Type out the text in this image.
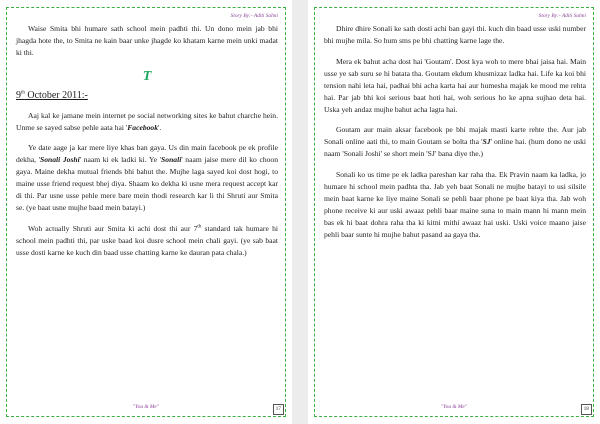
Story By:- Aditi Sahni

Waise Smita bhi humare sath school mein padhti thi. Un dono mein jab bhi jhagda hote the, to Smita ne kain baar unke jhagde ko khatam karne mein unki madat ki thi.

T
9th October 2011:-

Aaj kal ke jamane mein internet pe social networking sites ke bahut charche hein. Unme se sayed sabse pehle aata hai 'Facebook'.

Ye date aage ja kar mere liye khas ban gaya. Us din main facebook pe ek profile dekha, 'Sonali Joshi' naam ki ek ladki ki. Ye 'Sonali' naam jaise mere dil ko choon gaya. Maine dekha mutual friends bhi bahut the. Mujhe laga sayed koi dost hogi, to maine usse friend request bhej diya. Shaam ko dekha ki usne mera request accept kar di thi. Par usne usse pehle mere bare mein thodi research kar li thi Shruti aur Smita se. (ye baat usne mujhe baad mein batayi.)

Woh actually Shruti aur Smita ki achi dost thi aur 7th standard tak humare hi school mein padhti thi, par uske baad koi dusre school mein chali gayi. (ye sab baat usse dosti karne ke kuch din baad usse chatting karne ke dauran pata chala.)

"You & Me"	17
Story By:- Aditi Sahni

Dhire dhire Sonali ke sath dosti achi ban gayi thi. kuch din baad usse uski number bhi mujhe mila. So hum sms pe bhi chatting karne lage the.

Mera ek bahut acha dost hai 'Goutam'. Dost kya woh to mere bhai jaisa hai. Main usse ye sab suru se hi batata tha. Goutam ekdum khusmizaz ladka hai. Life ka koi bhi tension nahi leta hai, padhai bhi acha karta hai aur humesha majak ke mood me rehta hai. Par jab bhi koi serious baat hoti hai, woh serious ho ke apna sujhao deta hai. Uska yeh andaz mujhe bahut acha lagta hai.

Goutam aur main aksar facebook pe bhi majak masti karte rehte the. Aur jab Sonali online aati thi, to main Goutam se bolta tha 'SJ' online hai. (hum dono ne uski naam 'Sonali Joshi' se short mein 'SJ' bana diye the.)

Sonali ko us time pe ek ladka pareshan kar raha tha. Ek Pravin naam ka ladka, jo humare hi school mein padhta tha. Jab yeh baat Sonali ne mujhe batayi to usi silsile mein baat karne ke liye maine Sonali se pehli baar phone pe baat kiya tha. Jab woh phone receive ki aur uski awaaz pehli baar maine suna to main mann hi mann mein bas ek hi baat dohra raha tha ki kitni mithi awaaz hai uski. Uski voice maano jaise pehli baar sunte hi mujhe bahut pasand aa gaya tha.

"You & Me"	18
